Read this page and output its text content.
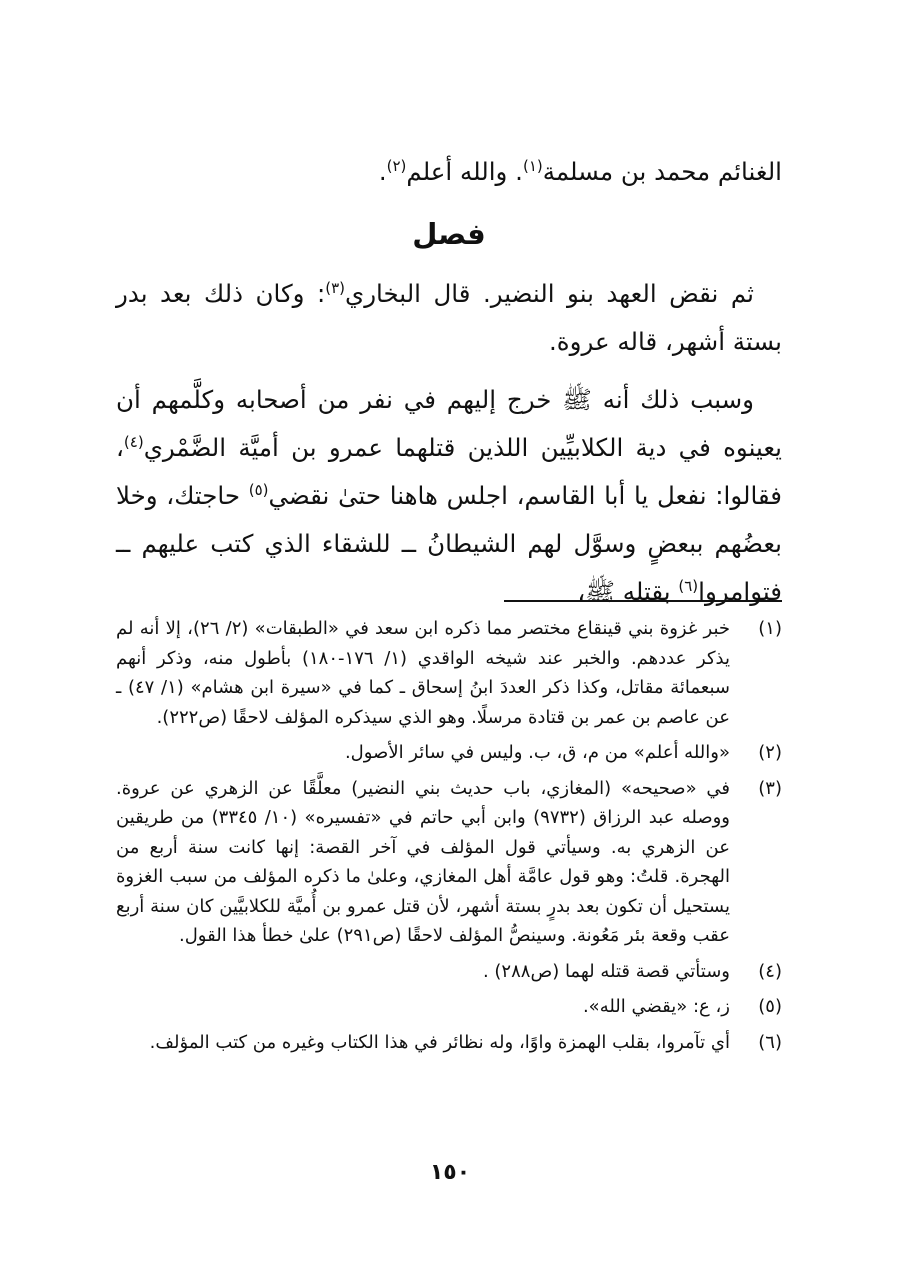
الغنائم محمد بن مسلمة$^{(١)}$. والله أعلم$^{(٢)}$.

فصل

ثم نقض العهد بنو النضير. قال البخاري$^{(٣)}$: وكان ذلك بعد بدر بستة أشهر، قاله عروة.

وسبب ذلك أنه ﷺ خرج إليهم في نفر من أصحابه وكلَّمهم أن يعينوه في دية الكلابيِّين اللذين قتلهما عمرو بن أميَّة الضَّمْري$^{(٤)}$، فقالوا: نفعل يا أبا القاسم، اجلس هاهنا حتىٰ نقضي$^{(٥)}$ حاجتك، وخلا بعضُهم ببعضٍ وسوَّل لهم الشيطانُ ــ للشقاء الذي كتب عليهم ــ فتوامروا$^{(٦)}$ بقتله ﷺ،

(١)
خبر غزوة بني قينقاع مختصر مما ذكره ابن سعد في «الطبقات» (٢/ ٢٦)، إلا أنه لم يذكر عددهم. والخبر عند شيخه الواقدي (١/ ١٧٦-١٨٠) بأطول منه، وذكر أنهم سبعمائة مقاتل، وكذا ذكر العددَ ابنُ إسحاق ـ كما في «سيرة ابن هشام» (١/ ٤٧) ـ عن عاصم بن عمر بن قتادة مرسلًا. وهو الذي سيذكره المؤلف لاحقًا (ص٢٢٢).
(٢)
«والله أعلم» من م، ق، ب. وليس في سائر الأصول.
(٣)
في «صحيحه» (المغازي، باب حديث بني النضير) معلَّقًا عن الزهري عن عروة. ووصله عبد الرزاق (٩٧٣٢) وابن أبي حاتم في «تفسيره» (١٠/ ٣٣٤٥) من طريقين عن الزهري به. وسيأتي قول المؤلف في آخر القصة: إنها كانت سنة أربع من الهجرة. قلتُ: وهو قول عامَّة أهل المغازي، وعلىٰ ما ذكره المؤلف من سبب الغزوة يستحيل أن تكون بعد بدرٍ بستة أشهر، لأن قتل عمرو بن أُميَّة للكلابيَّين كان سنة أربع عقب وقعة بئر مَعُونة. وسينصُّ المؤلف لاحقًا (ص٢٩١) علىٰ خطأ هذا القول.
(٤)
وستأتي قصة قتله لهما (ص٢٨٨) .
(٥)
ز، ع: «يقضي الله».
(٦)
أي تآمروا، بقلب الهمزة واوًا، وله نظائر في هذا الكتاب وغيره من كتب المؤلف.
١٥٠
